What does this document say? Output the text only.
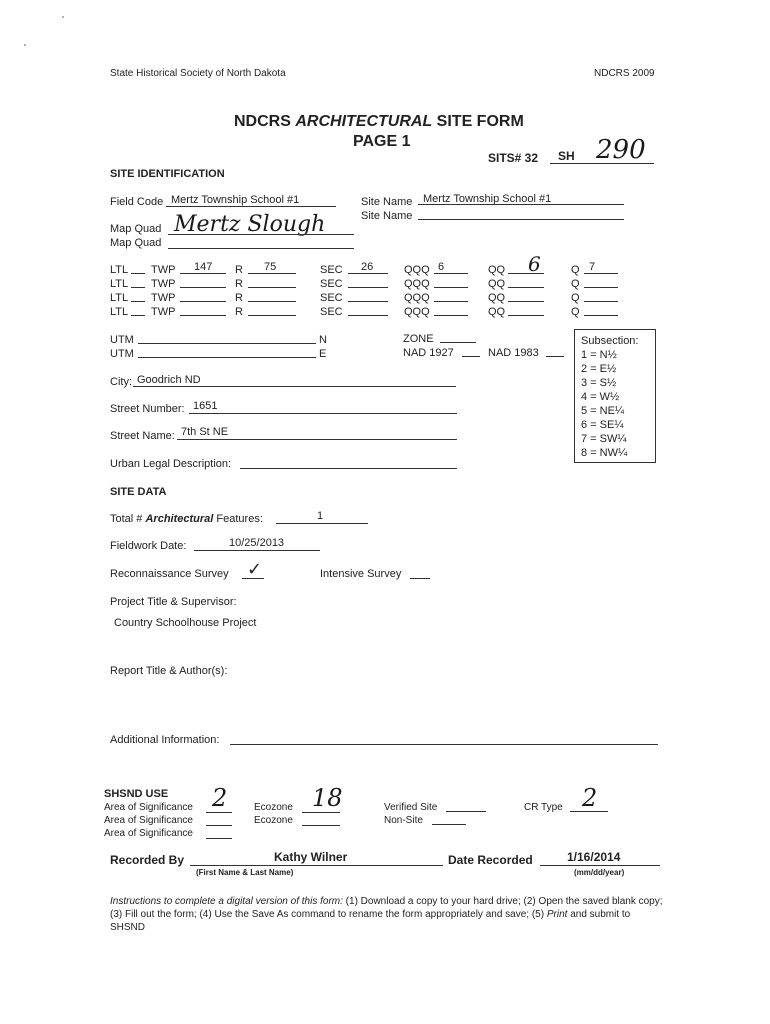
State Historical Society of North Dakota	NDCRS 2009
NDCRS ARCHITECTURAL SITE FORM
PAGE 1
SITS# 32 SH 290
SITE IDENTIFICATION
Field Code Mertz Township School #1	Site Name Mertz Township School #1
Site Name
Map Quad Mertz Slough
Map Quad
LTL TWP 147 R 75	SEC 26	QQQ 6	QQ 6	Q 7
LTL TWP	R	SEC	QQQ	QQ	Q
LTL TWP	R	SEC	QQQ	QQ	Q
LTL TWP	R	SEC	QQQ	QQ	Q
UTM	N
UTM	E
ZONE
NAD 1927	NAD 1983
Subsection:
1 = N½
2 = E½
3 = S½
4 = W½
5 = NE¼
6 = SE¼
7 = SW¼
8 = NW¼
City: Goodrich ND
Street Number: 1651
Street Name: 7th St NE
Urban Legal Description:
SITE DATA
Total # Architectural Features:	1
Fieldwork Date:	10/25/2013
Reconnaissance Survey ✓	Intensive Survey
Project Title & Supervisor:
Country Schoolhouse Project
Report Title & Author(s):
Additional Information:
SHSND USE
Area of Significance 2
Area of Significance
Area of Significance
Ecozone 18
Ecozone
Verified Site
Non-Site
CR Type 2
Recorded By	Kathy Wilner
(First Name & Last Name)
Date Recorded	1/16/2014
(mm/dd/year)
Instructions to complete a digital version of this form: (1) Download a copy to your hard drive; (2) Open the saved blank copy; (3) Fill out the form; (4) Use the Save As command to rename the form appropriately and save; (5) Print and submit to SHSND
